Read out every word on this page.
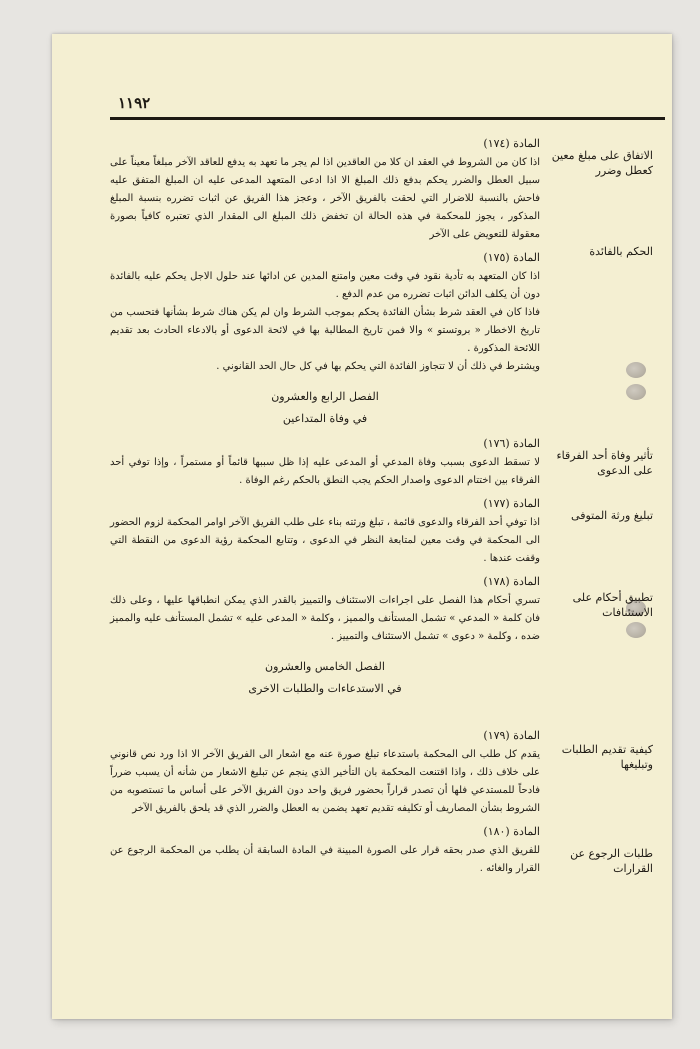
١١٩٢
الاتفاق على مبلغ معين كعطل وضرر
الحكم بالفائدة
تأثير وفاة أحد الفرقاء على الدعوى
تبليغ ورثة المتوفى
تطبيق أحكام على الاستئنافات
كيفية تقديم الطلبات وتبليغها
طلبات الرجوع عن القرارات

المادة (١٧٤)

اذا كان من الشروط في العقد ان كلا من العاقدين اذا لم يجر ما تعهد به يدفع للعاقد الآخر مبلغاً معيناً على سبيل العطل والضرر يحكم بدفع ذلك المبلغ الا اذا ادعى المتعهد المدعى عليه ان المبلغ المتفق عليه فاحش بالنسبة للاضرار التي لحقت بالفريق الآخر ، وعجز هذا الفريق عن اثبات تضرره بنسبة المبلغ المذكور ، يجوز للمحكمة في هذه الحالة ان تخفض ذلك المبلغ الى المقدار الذي تعتبره كافياً بصورة معقولة للتعويض على الآخر

المادة (١٧٥)

اذا كان المتعهد به تأدية نقود في وقت معين وامتنع المدين عن ادائها عند حلول الاجل يحكم عليه بالفائدة دون أن يكلف الدائن اثبات تضرره من عدم الدفع .

فاذا كان في العقد شرط بشأن الفائدة يحكم بموجب الشرط وان لم يكن هناك شرط بشأنها فتحسب من تاريخ الاخطار « بروتستو » والا فمن تاريخ المطالبة بها في لائحة الدعوى أو بالادعاء الحادث بعد تقديم اللائحة المذكورة .

ويشترط في ذلك أن لا تتجاوز الفائدة التي يحكم بها في كل حال الحد القانوني .

الفصل الرابع والعشرون

في وفاة المتداعين

المادة (١٧٦)

لا تسقط الدعوى بسبب وفاة المدعي أو المدعى عليه إذا ظل سببها قائماً أو مستمراً ، وإذا توفي أحد الفرقاء بين اختتام الدعوى واصدار الحكم يجب النطق بالحكم رغم الوفاة .

المادة (١٧٧)

اذا توفي أحد الفرقاء والدعوى قائمة ، تبلغ ورثته بناء على طلب الفريق الآخر اوامر المحكمة لزوم الحضور الى المحكمة في وقت معين لمتابعة النظر في الدعوى ، وتتابع المحكمة رؤية الدعوى من النقطة التي وقفت عندها .

المادة (١٧٨)

تسري أحكام هذا الفصل على اجراءات الاستئناف والتمييز بالقدر الذي يمكن انطباقها عليها ، وعلى ذلك فان كلمة « المدعي » تشمل المستأنف والمميز ، وكلمة « المدعى عليه » تشمل المستأنف عليه والمميز ضده ، وكلمة « دعوى » تشمل الاستئناف والتمييز .

الفصل الخامس والعشرون

في الاستدعاءات والطلبات الاخرى

المادة (١٧٩)

يقدم كل طلب الى المحكمة باستدعاء تبلغ صورة عنه مع اشعار الى الفريق الآخر الا اذا ورد نص قانوني على خلاف ذلك ، واذا اقتنعت المحكمة بان التأخير الذي ينجم عن تبليغ الاشعار من شأنه أن يسبب ضرراً فادحاً للمستدعي فلها أن تصدر قراراً بحضور فريق واحد دون الفريق الآخر على أساس ما تستصوبه من الشروط بشأن المصاريف أو تكليفه تقديم تعهد يضمن به العطل والضرر الذي قد يلحق بالفريق الآخر

المادة (١٨٠)

للفريق الذي صدر بحقه قرار على الصورة المبينة في المادة السابقة أن يطلب من المحكمة الرجوع عن القرار والغائه .
